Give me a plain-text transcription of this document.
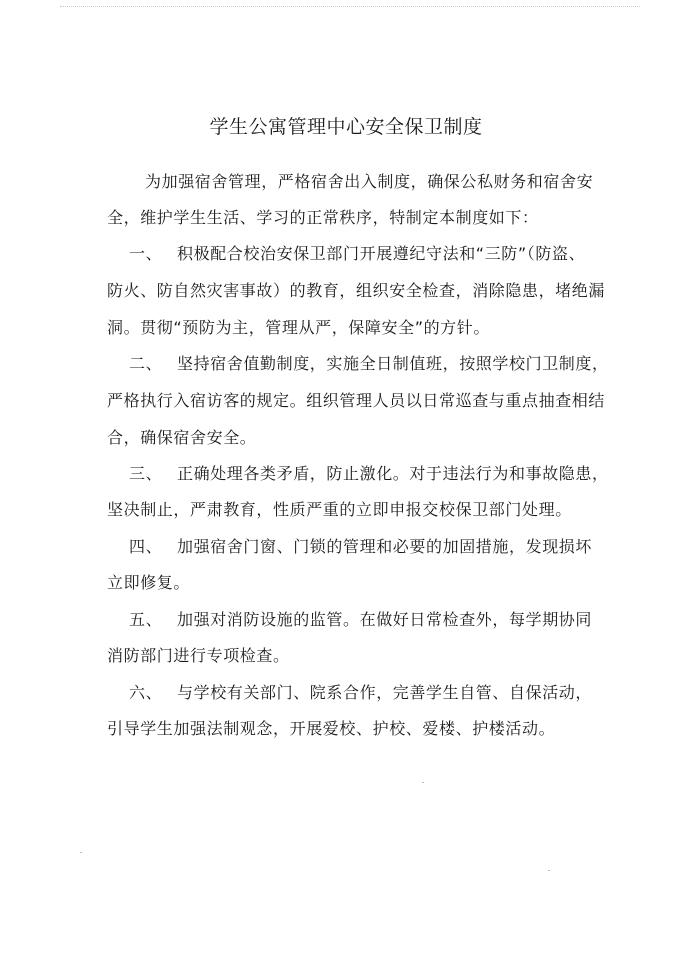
学生公寓管理中心安全保卫制度
为加强宿舍管理，严格宿舍出入制度，确保公私财务和宿舍安
全，维护学生生活、学习的正常秩序，特制定本制度如下：
一、 积极配合校治安保卫部门开展遵纪守法和“三防”（防盗、
防火、防自然灾害事故）的教育，组织安全检查，消除隐患，堵绝漏
洞。贯彻“预防为主，管理从严，保障安全”的方针。
二、 坚持宿舍值勤制度，实施全日制值班，按照学校门卫制度，
严格执行入宿访客的规定。组织管理人员以日常巡查与重点抽查相结
合，确保宿舍安全。
三、 正确处理各类矛盾，防止激化。对于违法行为和事故隐患，
坚决制止，严肃教育，性质严重的立即申报交校保卫部门处理。
四、 加强宿舍门窗、门锁的管理和必要的加固措施，发现损坏
立即修复。
五、 加强对消防设施的监管。在做好日常检查外，每学期协同
消防部门进行专项检查。
六、 与学校有关部门、院系合作，完善学生自管、自保活动，
引导学生加强法制观念，开展爱校、护校、爱楼、护楼活动。
